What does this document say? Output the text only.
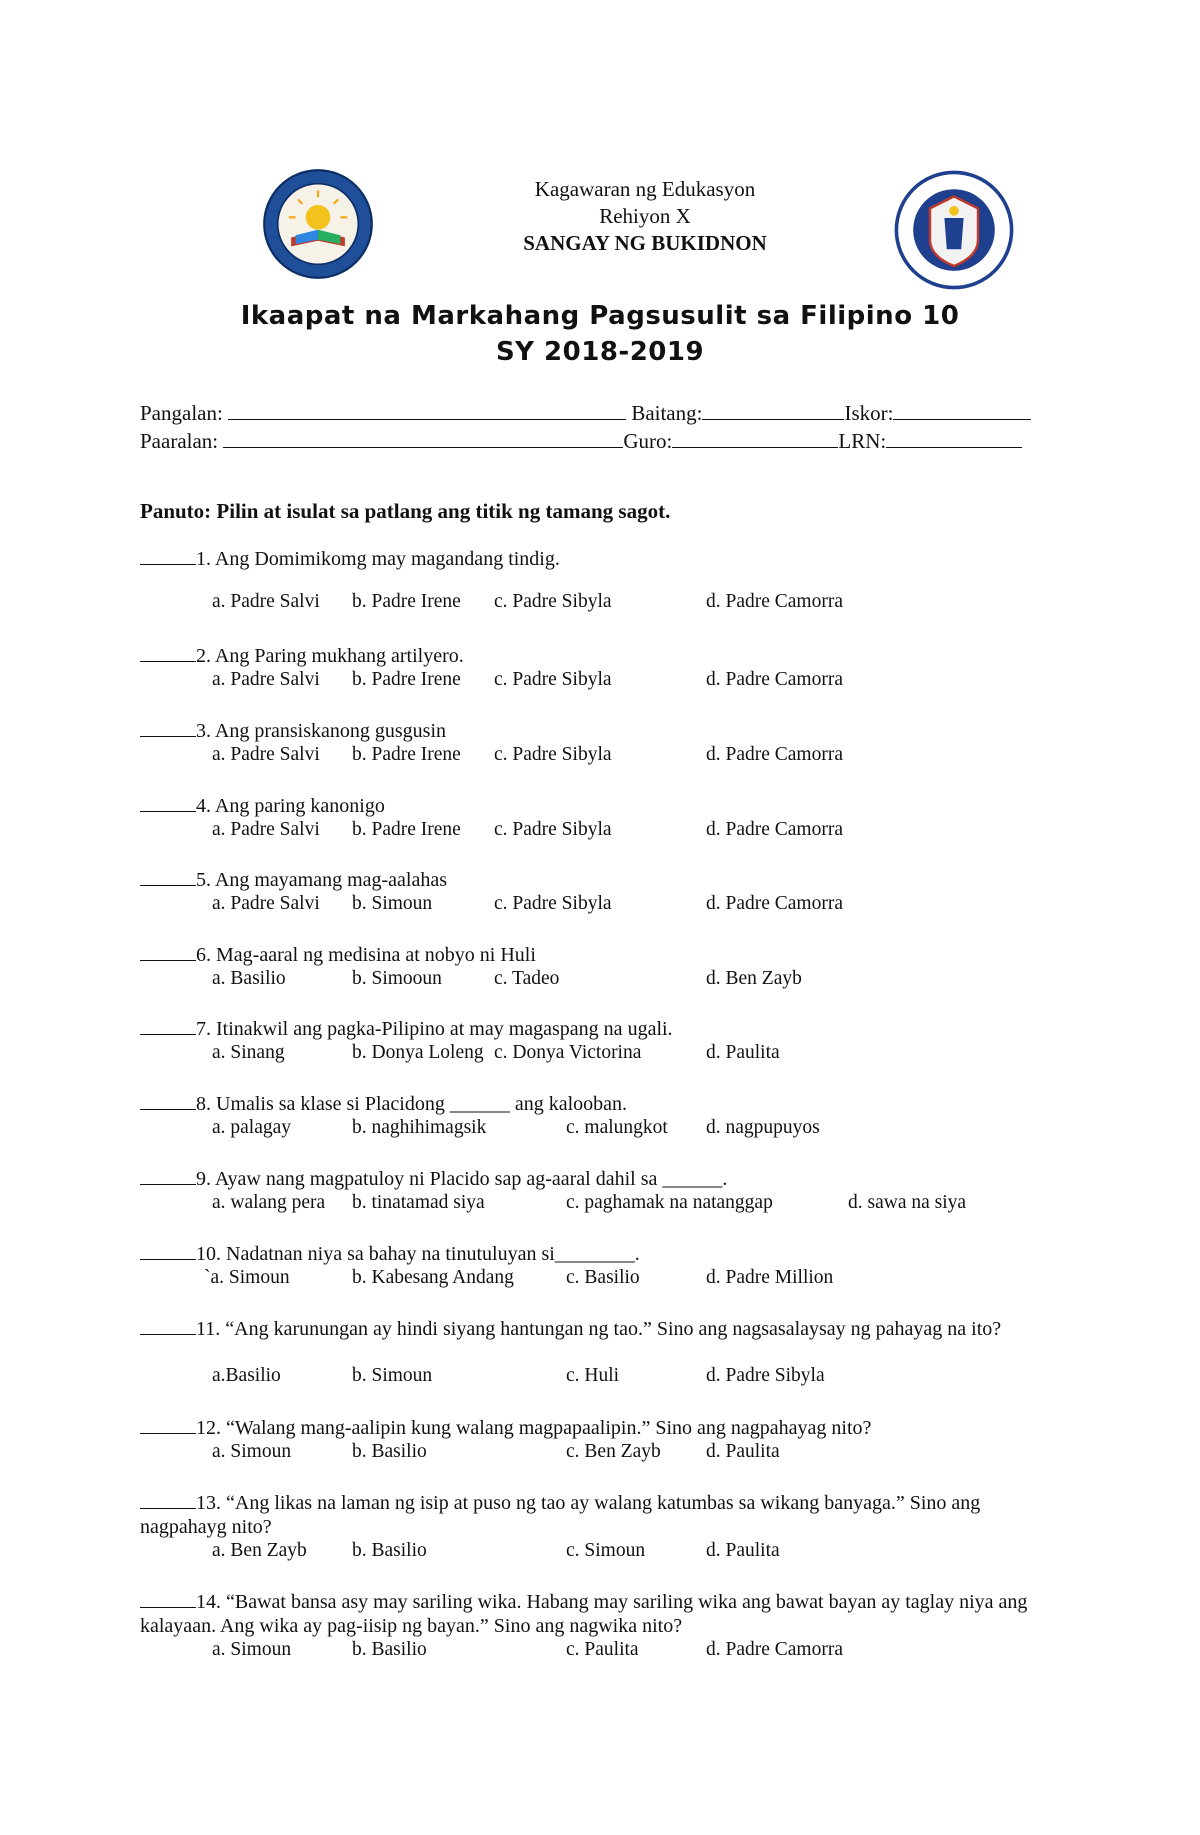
Kagawaran ng Edukasyon
Rehiyon X
SANGAY NG BUKIDNON
Ikaapat na Markahang Pagsusulit sa Filipino 10
SY 2018-2019
Pangalan:	Baitang:	Iskor:
Paaralan:	Guro:	LRN:
Panuto: Pilin at isulat sa patlang ang titik ng tamang sagot.
1. Ang Domimikomg may magandang tindig.
a. Padre Salvi b. Padre Irene c. Padre Sibyla	d. Padre Camorra
2. Ang Paring mukhang artilyero.
a. Padre Salvi b. Padre Irene c. Padre Sibyla	d. Padre Camorra
3. Ang pransiskanong gusgusin
a. Padre Salvi b. Padre Irene c. Padre Sibyla	d. Padre Camorra
4. Ang paring kanonigo
a. Padre Salvi b. Padre Irene c. Padre Sibyla	d. Padre Camorra
5. Ang mayamang mag-aalahas
a. Padre Salvi b. Simoun	c. Padre Sibyla	d. Padre Camorra
6. Mag-aaral ng medisina at nobyo ni Huli
a. Basilio	b. Simooun	c. Tadeo	d. Ben Zayb
7. Itinakwil ang pagka-Pilipino at may magaspang na ugali.
a. Sinang	b. Donya Loleng c. Donya Victorina	d. Paulita
8. Umalis sa klase si Placidong ______ ang kalooban.
a. palagay	b. naghihimagsik	c. malungkot d. nagpupuyos
9. Ayaw nang magpatuloy ni Placido sap ag-aaral dahil sa ______.
a. walang pera b. tinatamad siya	c. paghamak na natanggap	d. sawa na siya
10. Nadatnan niya sa bahay na tinutuluyan si________.
`a. Simoun	b. Kabesang Andang	c. Basilio	d. Padre Million
11. “Ang karunungan ay hindi siyang hantungan ng tao.” Sino ang nagsasalaysay ng pahayag na ito?
a.Basilio	b. Simoun	c. Huli	d. Padre Sibyla
12. “Walang mang-aalipin kung walang magpapaalipin.” Sino ang nagpahayag nito?
a. Simoun	b. Basilio	c. Ben Zayb d. Paulita
13. “Ang likas na laman ng isip at puso ng tao ay walang katumbas sa wikang banyaga.” Sino ang nagpahayg nito?
a. Ben Zayb b. Basilio	c. Simoun	d. Paulita
14. “Bawat bansa asy may sariling wika. Habang may sariling wika ang bawat bayan ay taglay niya ang kalayaan. Ang wika ay pag-iisip ng bayan.” Sino ang nagwika nito?
a. Simoun	b. Basilio	c. Paulita	d. Padre Camorra
